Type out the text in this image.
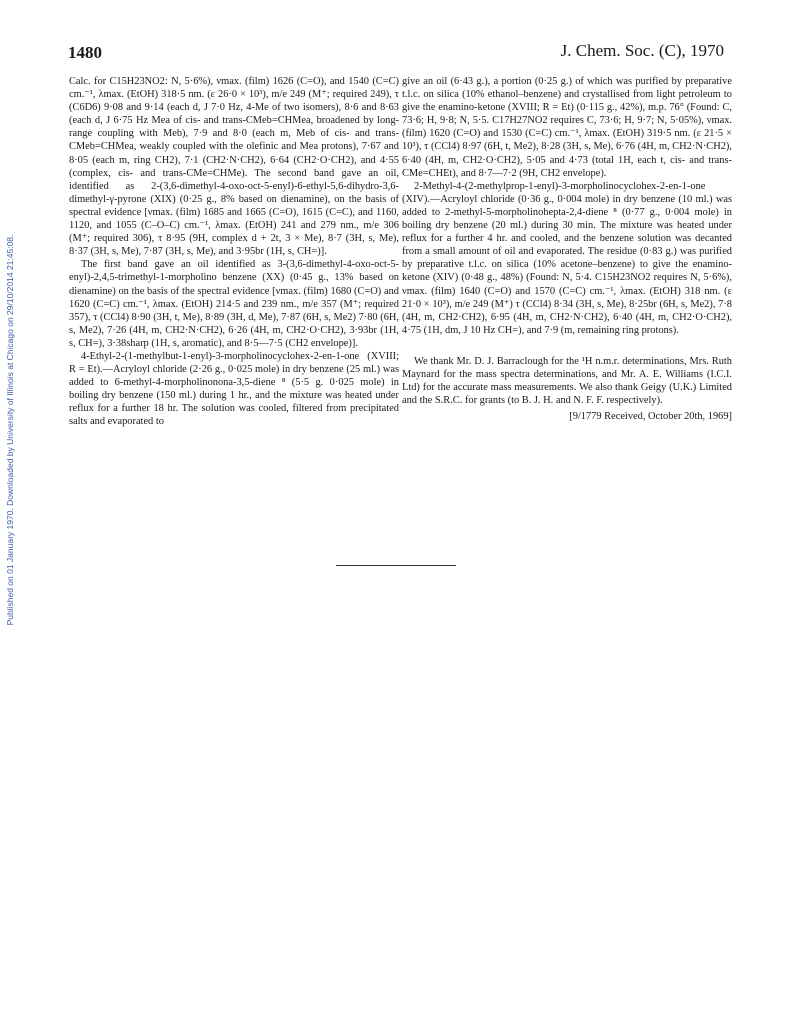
Published on 01 January 1970. Downloaded by University of Illinois at Chicago on 29/10/2014 21:45:08.
1480	J. Chem. Soc. (C), 1970

Calc. for C15H23NO2: N, 5·6%), νmax. (film) 1626 (C=O), and 1540 (C=C) cm.⁻¹, λmax. (EtOH) 318·5 nm. (ε 26·0 × 10³), m/e 249 (M⁺; required 249), τ (C6D6) 9·08 and 9·14 (each d, J 7·0 Hz, 4-Me of two isomers), 8·6 and 8·63 (each d, J 6·75 Hz Mea of cis- and trans-CMeb=CHMea, broadened by long-range coupling with Meb), 7·9 and 8·0 (each m, Meb of cis- and trans-CMeb=CHMea, weakly coupled with the olefinic and Mea protons), 7·67 and 8·05 (each m, ring CH2), 7·1 (CH2·N·CH2), 6·64 (CH2·O·CH2), and 4·55 (complex, cis- and trans-CMe=CHMe). The second band gave an oil, identified as 2-(3,6-dimethyl-4-oxo-oct-5-enyl)-6-ethyl-5,6-dihydro-3,6-dimethyl-γ-pyrone (XIX) (0·25 g., 8% based on dienamine), on the basis of spectral evidence [νmax. (film) 1685 and 1665 (C=O), 1615 (C=C), and 1160, 1120, and 1055 (C–O–C) cm.⁻¹, λmax. (EtOH) 241 and 279 nm., m/e 306 (M⁺; required 306), τ 8·95 (9H, complex d + 2t, 3 × Me), 8·7 (3H, s, Me), 8·37 (3H, s, Me), 7·87 (3H, s, Me), and 3·95br (1H, s, CH=)].

The first band gave an oil identified as 3-(3,6-dimethyl-4-oxo-oct-5-enyl)-2,4,5-trimethyl-1-morpholino benzene (XX) (0·45 g., 13% based on dienamine) on the basis of the spectral evidence [νmax. (film) 1680 (C=O) and 1620 (C=C) cm.⁻¹, λmax. (EtOH) 214·5 and 239 nm., m/e 357 (M⁺; required 357), τ (CCl4) 8·90 (3H, t, Me), 8·89 (3H, d, Me), 7·87 (6H, s, Me2) 7·80 (6H, s, Me2), 7·26 (4H, m, CH2·N·CH2), 6·26 (4H, m, CH2·O·CH2), 3·93br (1H, s, CH=), 3·38sharp (1H, s, aromatic), and 8·5—7·5 (CH2 envelope)].

4-Ethyl-2-(1-methylbut-1-enyl)-3-morpholinocyclohex-2-en-1-one (XVIII; R = Et).—Acryloyl chloride (2·26 g., 0·025 mole) in dry benzene (25 ml.) was added to 6-methyl-4-morpholinonona-3,5-diene ⁸ (5·5 g. 0·025 mole) in boiling dry benzene (150 ml.) during 1 hr., and the mixture was heated under reflux for a further 18 hr. The solution was cooled, filtered from precipitated salts and evaporated to

give an oil (6·43 g.), a portion (0·25 g.) of which was purified by preparative t.l.c. on silica (10% ethanol–benzene) and crystallised from light petroleum to give the enamino-ketone (XVIII; R = Et) (0·115 g., 42%), m.p. 76° (Found: C, 73·6; H, 9·8; N, 5·5. C17H27NO2 requires C, 73·6; H, 9·7; N, 5·05%), νmax. (film) 1620 (C=O) and 1530 (C=C) cm.⁻¹, λmax. (EtOH) 319·5 nm. (ε 21·5 × 10³), τ (CCl4) 8·97 (6H, t, Me2), 8·28 (3H, s, Me), 6·76 (4H, m, CH2·N·CH2), 6·40 (4H, m, CH2·O·CH2), 5·05 and 4·73 (total 1H, each t, cis- and trans-CMe=CHEt), and 8·7—7·2 (9H, CH2 envelope).

2-Methyl-4-(2-methylprop-1-enyl)-3-morpholinocyclohex-2-en-1-one (XIV).—Acryloyl chloride (0·36 g., 0·004 mole) in dry benzene (10 ml.) was added to 2-methyl-5-morpholinohepta-2,4-diene ⁸ (0·77 g., 0·004 mole) in boiling dry benzene (20 ml.) during 30 min. The mixture was heated under reflux for a further 4 hr. and cooled, and the benzene solution was decanted from a small amount of oil and evaporated. The residue (0·83 g.) was purified by preparative t.l.c. on silica (10% acetone–benzene) to give the enamino-ketone (XIV) (0·48 g., 48%) (Found: N, 5·4. C15H23NO2 requires N, 5·6%), νmax. (film) 1640 (C=O) and 1570 (C=C) cm.⁻¹, λmax. (EtOH) 318 nm. (ε 21·0 × 10³), m/e 249 (M⁺) τ (CCl4) 8·34 (3H, s, Me), 8·25br (6H, s, Me2), 7·8 (4H, m, CH2·CH2), 6·95 (4H, m, CH2·N·CH2), 6·40 (4H, m, CH2·O·CH2), 4·75 (1H, dm, J 10 Hz CH=), and 7·9 (m, remaining ring protons).

We thank Mr. D. J. Barraclough for the ¹H n.m.r. determinations, Mrs. Ruth Maynard for the mass spectra determinations, and Mr. A. E. Williams (I.C.I. Ltd) for the accurate mass measurements. We also thank Geigy (U.K.) Limited and the S.R.C. for grants (to B. J. H. and N. F. F. respectively).

[9/1779 Received, October 20th, 1969]
